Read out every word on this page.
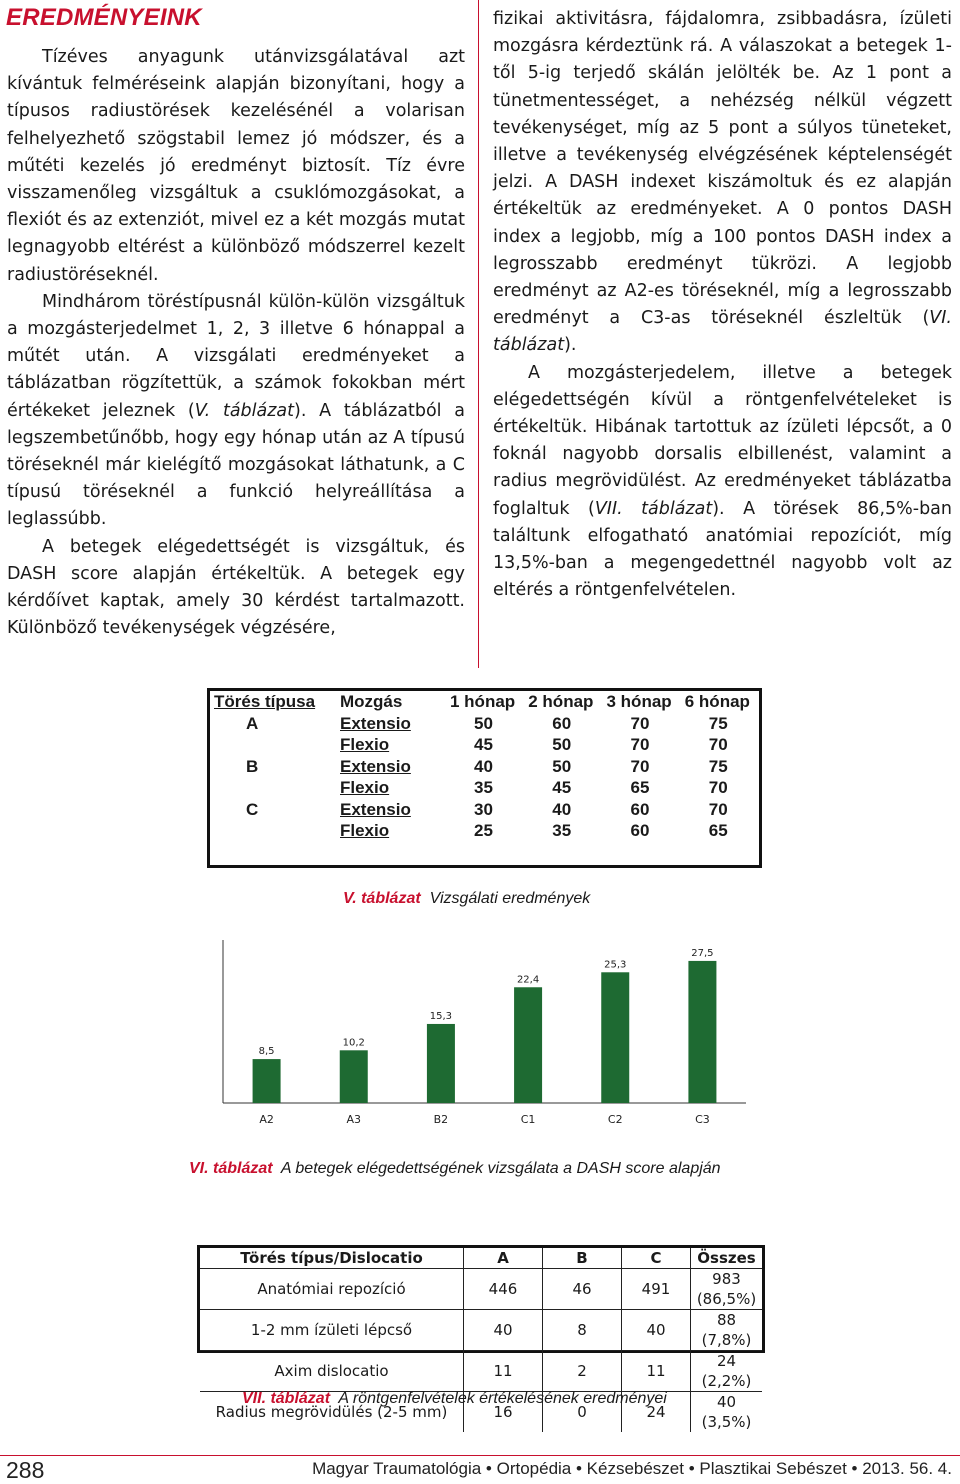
EREDMÉNYEINK

Tízéves anyagunk utánvizsgálatával azt kívántuk felméréseink alapján bizonyítani, hogy a típusos radiustörések kezelésénél a volarisan felhelyezhető szögstabil lemez jó módszer, és a műtéti kezelés jó eredményt biztosít. Tíz évre visszamenőleg vizsgáltuk a csuklómozgásokat, a flexiót és az extenziót, mivel ez a két mozgás mutat legnagyobb eltérést a különböző módszerrel kezelt radiustöréseknél.

Mindhárom töréstípusnál külön-külön vizsgáltuk a mozgásterjedelmet 1, 2, 3 illetve 6 hónappal a műtét után. A vizsgálati eredményeket a táblázatban rögzítettük, a számok fokokban mért értékeket jeleznek (V. táblázat). A táblázatból a legszembetűnőbb, hogy egy hónap után az A típusú töréseknél már kielégítő mozgásokat láthatunk, a C típusú töréseknél a funkció helyreállítása a leglassúbb.

A betegek elégedettségét is vizsgáltuk, és DASH score alapján értékeltük. A betegek egy kérdőívet kaptak, amely 30 kérdést tartalmazott. Különböző tevékenységek végzésére,

fizikai aktivitásra, fájdalomra, zsibbadásra, ízületi mozgásra kérdeztünk rá. A válaszokat a betegek 1-től 5-ig terjedő skálán jelölték be. Az 1 pont a tünetmentességet, a nehézség nélkül végzett tevékenységet, míg az 5 pont a súlyos tüneteket, illetve a tevékenység elvégzésének képtelenségét jelzi. A DASH indexet kiszámoltuk és ez alapján értékeltük az eredményeket. A 0 pontos DASH index a legjobb, míg a 100 pontos DASH index a legrosszabb eredményt tükrözi. A legjobb eredményt az A2-es töréseknél, míg a legrosszabb eredményt a C3-as töréseknél észleltük (VI. táblázat).

A mozgásterjedelem, illetve a betegek elégedettségén kívül a röntgenfelvételeket is értékeltük. Hibának tartottuk az ízületi lépcsőt, a 0 foknál nagyobb dorsalis elbillenést, valamint a radius megrövidülést. Az eredményeket táblázatba foglaltuk (VII. táblázat). A törések 86,5%-ban találtunk elfogatható anatómiai repozíciót, míg 13,5%-ban a megengedettnél nagyobb volt az eltérés a röntgenfelvételen.

Törés típusa	Mozgás	1 hónap	2 hónap	3 hónap	6 hónap
A	Extensio	50	60	70	75
	Flexio	45	50	70	70
B	Extensio	40	50	70	75
	Flexio	35	45	65	70
C	Extensio	30	40	60	70
	Flexio	25	35	60	65
V. táblázat Vizsgálati eredmények
8,5
A2
10,2
A3
15,3
B2
22,4
C1
25,3
C2
27,5
C3
VI. táblázat A betegek elégedettségének vizsgálata a DASH score alapján
Törés típus/Dislocatio	A	B	C	Összes
Anatómiai repozíció	446	46	491	983 (86,5%)
1-2 mm ízületi lépcső	40	8	40	88 (7,8%)
Axim dislocatio	11	2	11	24 (2,2%)
Radius megrövidülés (2-5 mm)	16	0	24	40 (3,5%)
VII. táblázat A röntgenfelvételek értékelésének eredményei
288	Magyar Traumatológia • Ortopédia • Kézsebészet • Plasztikai Sebészet • 2013. 56. 4.
